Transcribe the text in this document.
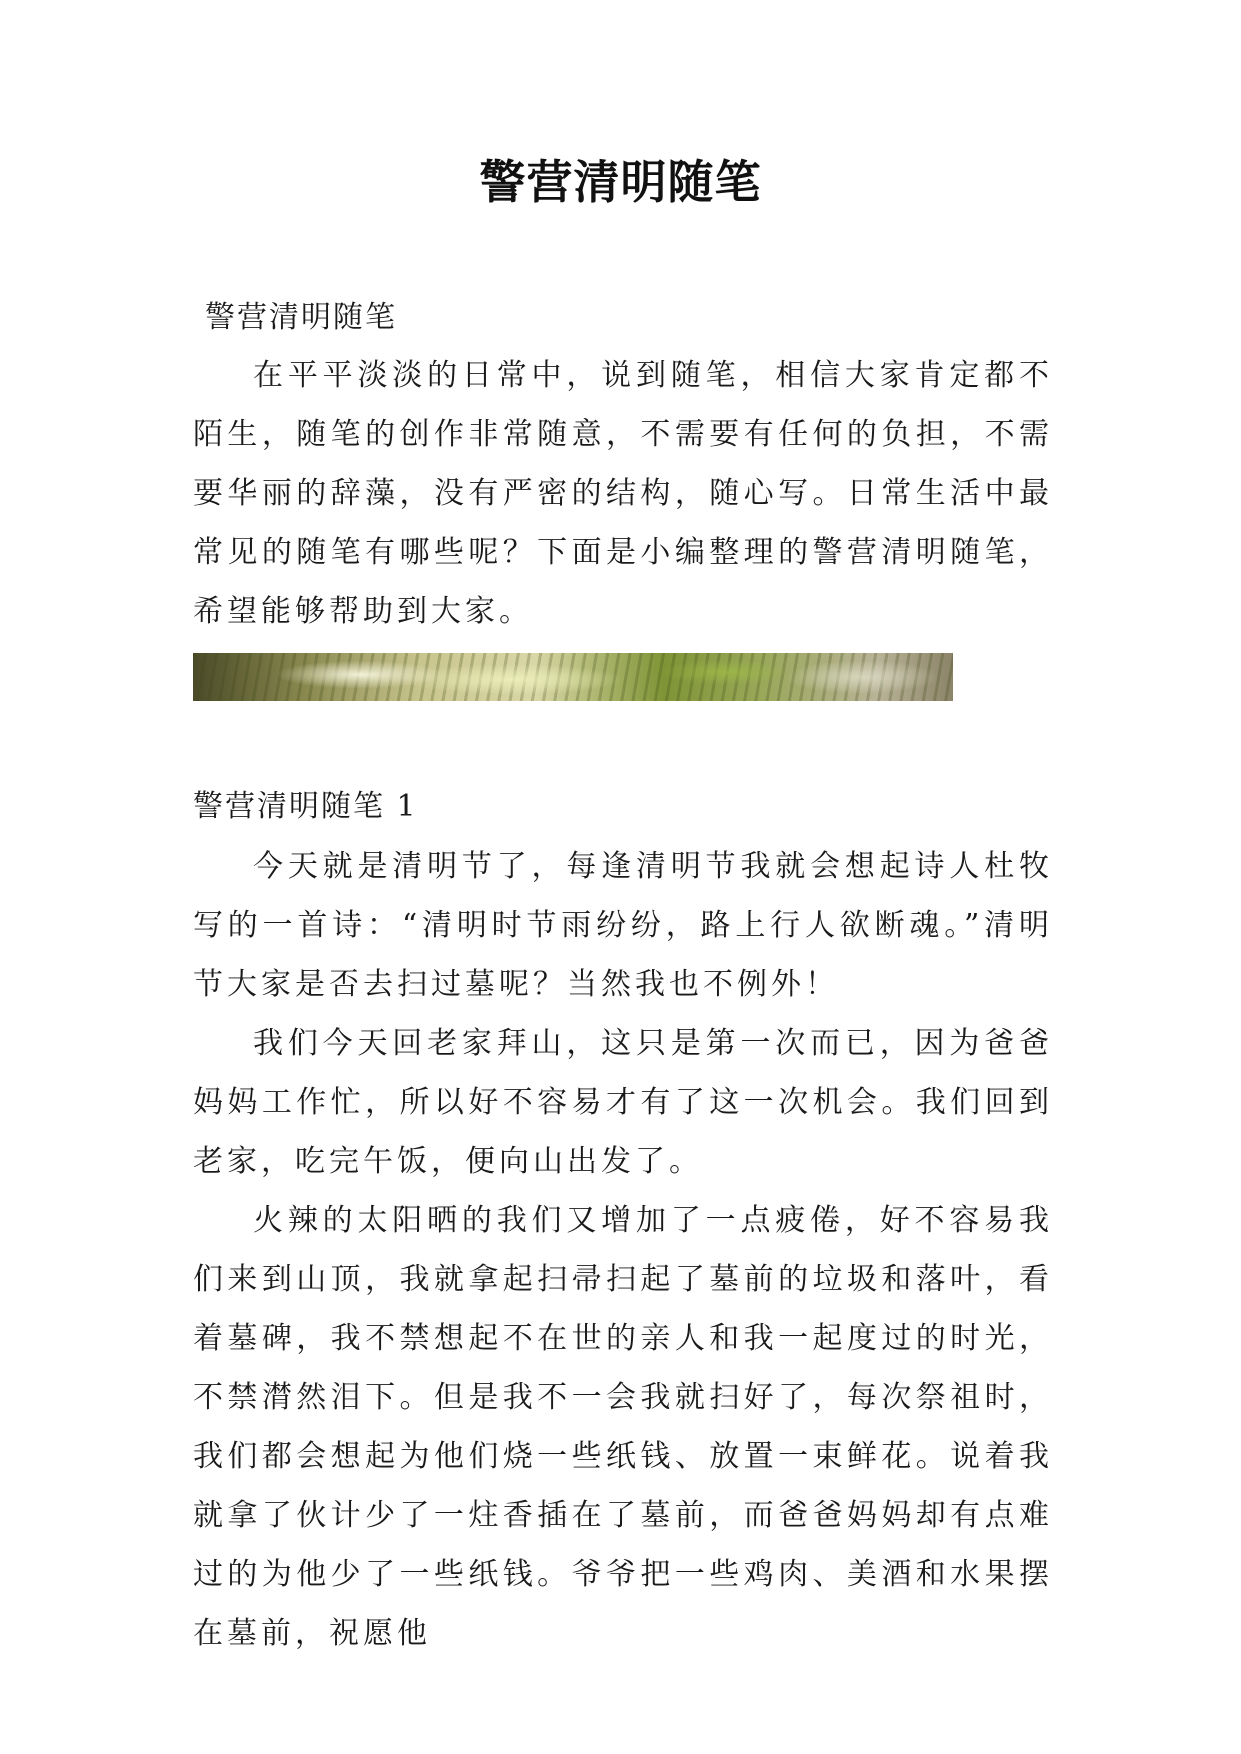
警营清明随笔

警营清明随笔

在平平淡淡的日常中，说到随笔，相信大家肯定都不陌生，随笔的创作非常随意，不需要有任何的负担，不需要华丽的辞藻，没有严密的结构，随心写。日常生活中最常见的随笔有哪些呢？下面是小编整理的警营清明随笔，希望能够帮助到大家。

警营清明随笔 1

今天就是清明节了，每逢清明节我就会想起诗人杜牧写的一首诗：“清明时节雨纷纷，路上行人欲断魂。”清明节大家是否去扫过墓呢？当然我也不例外！

我们今天回老家拜山，这只是第一次而已，因为爸爸妈妈工作忙，所以好不容易才有了这一次机会。我们回到老家，吃完午饭，便向山出发了。

火辣的太阳晒的我们又增加了一点疲倦，好不容易我们来到山顶，我就拿起扫帚扫起了墓前的垃圾和落叶，看着墓碑，我不禁想起不在世的亲人和我一起度过的时光，不禁潸然泪下。但是我不一会我就扫好了，每次祭祖时，我们都会想起为他们烧一些纸钱、放置一束鲜花。说着我就拿了伙计少了一炷香插在了墓前，而爸爸妈妈却有点难过的为他少了一些纸钱。爷爷把一些鸡肉、美酒和水果摆在墓前，祝愿他
